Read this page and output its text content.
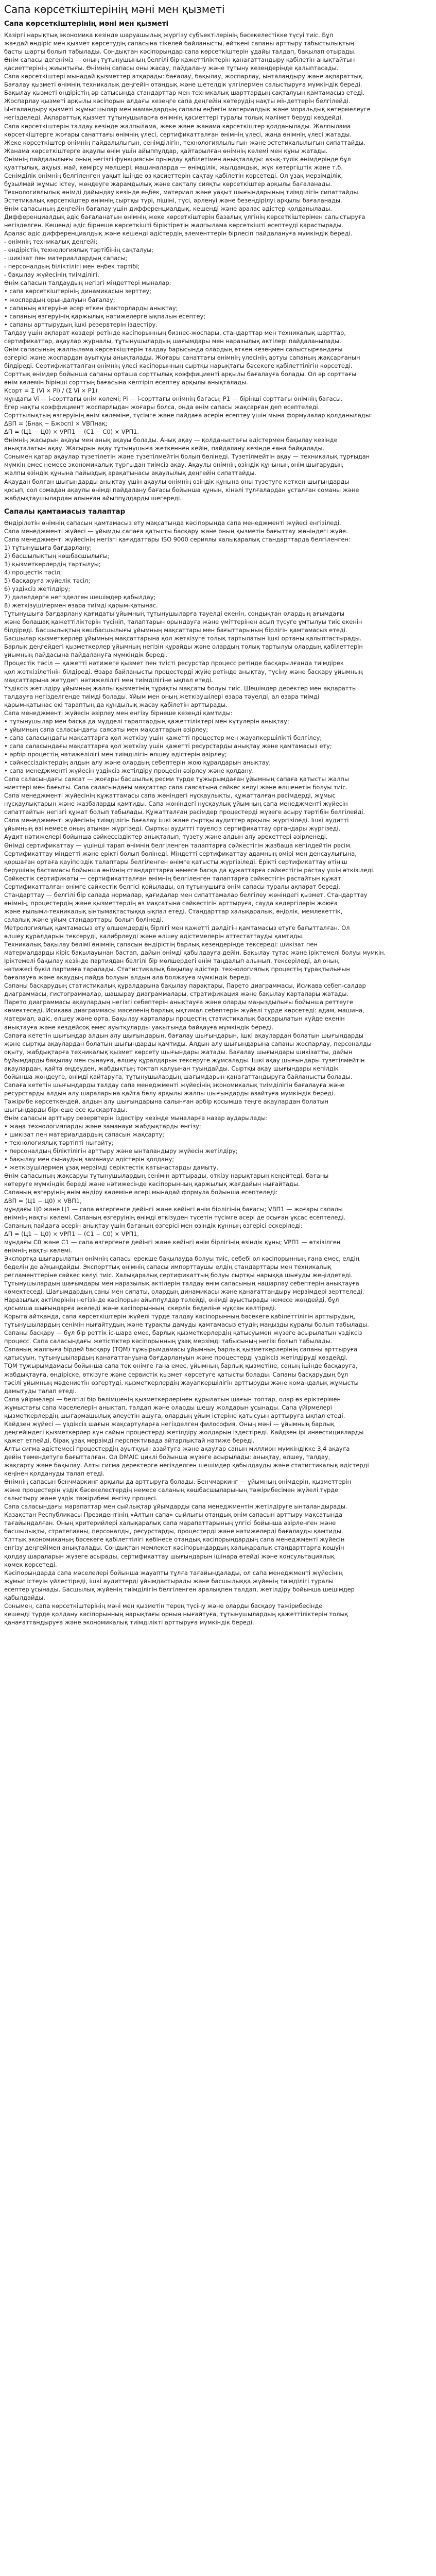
Сапа көрсеткіштерінің мәні мен қызметі
Сапа көрсеткіштерінің мәні мен қызметі

Қазіргі нарықтық экономика кезінде шаруашылық жүргізу субъектілерінің бәсекелестікке түсуі тиіс. Бұл

жағдай өндіріс мен қызмет көрсетудің сапасына тікелей байланысты, өйткені сапаны арттыру табыстылықтың

басты шарты болып табылады. Сондықтан кәсіпорындар сапа көрсеткіштерін ұдайы талдап, бақылап отырады.

Өнім сапасы дегеніміз — оның тұтынушының белгілі бір қажеттіліктерін қанағаттандыру қабілетін анықтайтын

қасиеттерінің жиынтығы. Өнімнің сапасы оны жасау, пайдалану және тұтыну кезеңдерінде қалыптасады.

Сапа көрсеткіштері мынадай қызметтер атқарады: бағалау, бақылау, жоспарлау, ынталандыру және ақпараттық.

Бағалау қызметі өнімнің техникалық деңгейін отандық және шетелдік үлгілермен салыстыруға мүмкіндік береді.

Бақылау қызметі өндірістің әр сатысында стандарттар мен техникалық шарттардың сақталуын қамтамасыз етеді.

Жоспарлау қызметі арқылы кәсіпорын алдағы кезеңге сапа деңгейін көтерудің нақты міндеттерін белгілейді.

Ынталандыру қызметі жұмысшылар мен мамандардың сапалы еңбегін материалдық және моральдық көтермелеуге

негізделеді. Ақпараттық қызмет тұтынушыларға өнімнің қасиеттері туралы толық мәлімет беруді көздейді.

Сапа көрсеткіштерін талдау кезінде жалпылама, жеке және жанама көрсеткіштер қолданылады. Жалпылама

көрсеткіштерге жоғары санаттағы өнімнің үлесі, сертификатталған өнімнің үлесі, жаңа өнімнің үлесі жатады.

Жеке көрсеткіштер өнімнің пайдалылығын, сенімділігін, технологиялылығын және эстетикалылығын сипаттайды.

Жанама көрсеткіштерге ақаулы өнім үшін айыппұлдар, қайтарылған өнімнің көлемі мен құны жатады.

Өнімнің пайдалылығы оның негізгі функциясын орындау қабілетімен анықталады: азық-түлік өнімдерінде бұл

қуаттылық, ақуыз, май, көмірсу мөлшері; машиналарда — өнімділік, жылдамдық, жүк көтергіштік және т.б.

Сенімділік өнімнің белгіленген уақыт ішінде өз қасиеттерін сақтау қабілетін көрсетеді. Ол ұзақ мерзімділік,

бұзылмай жұмыс істеу, жөндеуге жарамдылық және сақталу сияқты көрсеткіштер арқылы бағаланады.

Технологиялылық өнімді дайындау кезінде еңбек, материал және уақыт шығындарының тиімділігін сипаттайды.

Эстетикалық көрсеткіштер өнімнің сыртқы түрі, пішіні, түсі, әрленуі және безендірілуі арқылы бағаланады.

Өнім сапасының деңгейін бағалау үшін дифференциалдық, кешенді және аралас әдістер қолданылады.

Дифференциалдық әдіс бағаланатын өнімнің жеке көрсеткіштерін базалық үлгінің көрсеткіштерімен салыстыруға

негізделген. Кешенді әдіс бірнеше көрсеткішті біріктіретін жалпылама көрсеткішті есептеуді қарастырады.

Аралас әдіс дифференциалдық және кешенді әдістердің элементтерін бірлесіп пайдалануға мүмкіндік береді.

- өнімнің техникалық деңгейі;

- өндірістің технологиялық тәртібінің сақталуы;

- шикізат пен материалдардың сапасы;

- персоналдың біліктілігі мен еңбек тәртібі;

- бақылау жүйесінің тиімділігі.

Өнім сапасын талдаудың негізгі міндеттері мыналар:

• сапа көрсеткіштерінің динамикасын зерттеу;

• жоспардың орындалуын бағалау;

• сапаның өзгеруіне әсер еткен факторларды анықтау;

• сапаның өзгеруінің қаржылық нәтижелерге ықпалын есептеу;

• сапаны арттырудың ішкі резервтерін іздестіру.

Талдау үшін ақпарат көздері ретінде кәсіпорынның бизнес-жоспары, стандарттар мен техникалық шарттар,

сертификаттар, ақаулар журналы, тұтынушылардың шағымдары мен наразылық актілері пайдаланылады.

Өнім сапасының жалпылама көрсеткіштерін талдау барысында олардың өткен кезеңмен салыстырғандағы

өзгерісі және жоспардан ауытқуы анықталады. Жоғары санаттағы өнімнің үлесінің артуы сапаның жақсарғанын

білдіреді. Сертификатталған өнімнің үлесі кәсіпорынның сыртқы нарықтағы бәсекеге қабілеттілігін көрсетеді.

Сорттық өнімдер бойынша сапаны орташа сорттылық коэффициенті арқылы бағалауға болады. Ол әр сорттағы

өнім көлемін бірінші сорттың бағасына келтіріп есептеу арқылы анықталады.

Ксорт = Σ (Vi × Pi) / (Σ Vi × P1)

мұндағы Vi — i-сорттағы өнім көлемі; Pi — i-сорттағы өнімнің бағасы; P1 — бірінші сорттағы өнімнің бағасы.

Егер нақты коэффициент жоспарлыдан жоғары болса, онда өнім сапасы жақсарған деп есептеледі.

Сорттылықтың өзгеруінің өнім көлеміне, түсімге және пайдаға әсерін есептеу үшін мына формулалар қолданылады:

ΔВП = (Бнақ − Бжосп) × VBПнақ;

ΔП = (Ц1 − Ц0) × VРП1 − (С1 − С0) × VРП1.

Өнімнің жасырын ақауы мен анық ақауы болады. Анық ақау — қолданыстағы әдістермен бақылау кезінде

анықталатын ақау. Жасырын ақау тұтынушыға жеткеннен кейін, пайдалану кезінде ғана байқалады.

Сонымен қатар ақаулар түзетілетін және түзетілмейтін болып бөлінеді. Түзетілмейтін ақау — техникалық тұрғыдан

мүмкін емес немесе экономикалық тұрғыдан тиімсіз ақау. Ақаулы өнімнің өзіндік құнының өнім шығарудың

жалпы өзіндік құнына пайыздық арақатынасы ақаулылық деңгейін сипаттайды.

Ақаудан болған шығындарды анықтау үшін ақаулы өнімнің өзіндік құнына оны түзетуге кеткен шығындарды

қосып, сол сомадан ақаулы өнімді пайдалану бағасы бойынша құнын, кінәлі тұлғалардан ұсталған соманы және

жабдықтаушылардан алынған айыппұлдарды шегереді.

Сапалы қамтамасыз талаптар

Өндірілетін өнімнің сапасын қамтамасыз ету мақсатында кәсіпорында сапа менеджменті жүйесі енгізіледі.

Сапа менеджменті жүйесі — ұйымды сапаға қатысты басқару және оның қызметін бағыттау жөніндегі жүйе.

Сапа менеджменті жүйесінің негізгі қағидаттары ISO 9000 сериялы халықаралық стандарттарда белгіленген:

1) тұтынушыға бағдарлану;

2) басшылықтың көшбасшылығы;

3) қызметкерлердің тартылуы;

4) процестік тәсіл;

5) басқаруға жүйелік тәсіл;

6) үздіксіз жетілдіру;

7) дәлелдерге негізделген шешімдер қабылдау;

8) жеткізушілермен өзара тиімді қарым-қатынас.

Тұтынушыға бағдарлану қағидаты ұйымның тұтынушыларға тәуелді екенін, сондықтан олардың ағымдағы

және болашақ қажеттіліктерін түсініп, талаптарын орындауға және үміттерінен асып түсуге ұмтылуы тиіс екенін

білдіреді. Басшылықтың көшбасшылығы ұйымның мақсаттары мен бағыттарының бірлігін қамтамасыз етеді.

Басшылар қызметкерлер ұйымның мақсаттарына қол жеткізуге толық тартылатын ішкі ортаны қалыптастырады.

Барлық деңгейдегі қызметкерлер ұйымның негізін құрайды және олардың толық тартылуы олардың қабілеттерін

ұйымның пайдасына пайдалануға мүмкіндік береді.

Процестік тәсіл — қажетті нәтижеге қызмет пен тиісті ресурстар процесс ретінде басқарылғанда тиімдірек

қол жеткізілетінін білдіреді. Өзара байланысты процестерді жүйе ретінде анықтау, түсіну және басқару ұйымның

мақсаттарына жетудегі нәтижелілігі мен тиімділігіне ықпал етеді.

Үздіксіз жетілдіру ұйымның жалпы қызметінің тұрақты мақсаты болуы тиіс. Шешімдер деректер мен ақпаратты

талдауға негізделгенде тиімді болады. Ұйым мен оның жеткізушілері өзара тәуелді, ал өзара тиімді

қарым-қатынас екі тараптың да құндылық жасау қабілетін арттырады.

Сапа менеджменті жүйесін әзірлеу мен енгізу бірнеше кезеңді қамтиды:

• тұтынушылар мен басқа да мүдделі тараптардың қажеттіліктері мен күтулерін анықтау;

• ұйымның сапа саласындағы саясаты мен мақсаттарын әзірлеу;

• сапа саласындағы мақсаттарға қол жеткізу үшін қажетті процестер мен жауапкершілікті белгілеу;

• сапа саласындағы мақсаттарға қол жеткізу үшін қажетті ресурстарды анықтау және қамтамасыз ету;

• әрбір процестің нәтижелілігі мен тиімділігін өлшеу әдістерін әзірлеу;

• сәйкессіздіктердің алдын алу және олардың себептерін жою құралдарын анықтау;

• сапа менеджменті жүйесін үздіксіз жетілдіру процесін әзірлеу және қолдану.

Сапа саласындағы саясат — жоғары басшылық ресми түрде тұжырымдаған ұйымның сапаға қатысты жалпы

ниеттері мен бағыты. Сапа саласындағы мақсаттар сапа саясатына сәйкес келуі және өлшенетін болуы тиіс.

Сапа менеджменті жүйесінің құжаттамасы сапа жөніндегі нұсқаулықты, құжатталған рәсімдерді, жұмыс

нұсқаулықтарын және жазбаларды қамтиды. Сапа жөніндегі нұсқаулық ұйымның сапа менеджменті жүйесін

сипаттайтын негізгі құжат болып табылады. Құжатталған рәсімдер процестерді жүзеге асыру тәртібін белгілейді.

Сапа менеджменті жүйесінің тиімділігін бағалау ішкі және сыртқы аудиттер арқылы жүргізіледі. Ішкі аудитті

ұйымның өзі немесе оның атынан жүргізеді. Сыртқы аудитті тәуелсіз сертификаттау органдары жүргізеді.

Аудит нәтижелері бойынша сәйкессіздіктер анықталып, түзету және алдын алу әрекеттері әзірленеді.

Өнімді сертификаттау — үшінші тарап өнімнің белгіленген талаптарға сәйкестігін жазбаша кепілдейтін рәсім.

Сертификаттау міндетті және ерікті болып бөлінеді. Міндетті сертификаттау адамның өмірі мен денсаулығына,

қоршаған ортаға қауіпсіздік талаптары белгіленген өнімге қатысты жүргізіледі. Ерікті сертификаттау өтініш

берушінің бастамасы бойынша өнімнің стандарттарға немесе басқа да құжаттарға сәйкестігін растау үшін өткізіледі.

Сәйкестік сертификаты — сертификатталған өнімнің белгіленген талаптарға сәйкестігін растайтын құжат.

Сертификатталған өнімге сәйкестік белгісі қойылады, ол тұтынушыға өнім сапасы туралы ақпарат береді.

Стандарттау — белгілі бір салада нормалар, қағидалар мен сипаттамалар белгілеу жөніндегі қызмет. Стандарттау

өнімнің, процестердің және қызметтердің өз мақсатына сәйкестігін арттыруға, сауда кедергілерін жоюға

және ғылыми-техникалық ынтымақтастыққа ықпал етеді. Стандарттар халықаралық, өңірлік, мемлекеттік,

салалық және ұйым стандарттары болып бөлінеді.

Метрологиялық қамтамасыз ету өлшемдердің бірлігі мен қажетті дәлдігін қамтамасыз етуге бағытталған. Ол

өлшеу құралдарын тексеруді, калибрлеуді және өлшеу әдістемелерін аттестаттауды қамтиды.

Техникалық бақылау бөлімі өнімнің сапасын өндірістің барлық кезеңдерінде тексереді: шикізат пен

материалдарды кіріс бақылауынан бастап, дайын өнімді қабылдауға дейін. Бақылау тұтас және іріктемелі болуы мүмкін.

Іріктемелі бақылау кезінде партиядан белгілі бір мөлшердегі өнім таңдалып алынып, тексеріледі, ал оның

нәтижесі бүкіл партияға таралады. Статистикалық бақылау әдістері технологиялық процестің тұрақтылығын

бағалауға және ақаудың пайда болуын алдын ала болжауға мүмкіндік береді.

Сапаны басқарудың статистикалық құралдарына бақылау парақтары, Парето диаграммасы, Исикава себеп-салдар

диаграммасы, гистограммалар, шашырау диаграммалары, стратификация және бақылау карталары жатады.

Парето диаграммасы ақаулардың негізгі себептерін анықтауға және оларды маңыздылығы бойынша реттеуге

көмектеседі. Исикава диаграммасы мәселенің барлық ықтимал себептерін жүйелі түрде көрсетеді: адам, машина,

материал, әдіс, өлшеу және орта. Бақылау карталары процестің статистикалық басқарылатын күйде екенін

анықтауға және кездейсоқ емес ауытқуларды уақытында байқауға мүмкіндік береді.

Сапаға кететін шығындар алдын алу шығындарын, бағалау шығындарын, ішкі ақаулардан болатын шығындарды

және сыртқы ақаулардан болатын шығындарды қамтиды. Алдын алу шығындарына сапаны жоспарлау, персоналды

оқыту, жабдықтарға техникалық қызмет көрсету шығындары жатады. Бағалау шығындары шикізатты, дайын

бұйымдарды бақылау мен сынауға, өлшеу құралдарын тексеруге жұмсалады. Ішкі ақау шығындары түзетілмейтін

ақаулардан, қайта өңдеуден, жабдықтың тоқтап қалуынан туындайды. Сыртқы ақау шығындары кепілдік

бойынша жөндеуге, өнімді қайтаруға, тұтынушылардың шағымдарын қанағаттандыруға байланысты болады.

Сапаға кететін шығындарды талдау сапа менеджменті жүйесінің экономикалық тиімділігін бағалауға және

ресурстарды алдын алу шараларына қайта бөлу арқылы жалпы шығындарды азайтуға мүмкіндік береді.

Тәжірибе көрсеткендей, алдын алу шығындарына салынған әрбір қосымша теңге ақаулардан болатын

шығындарды бірнеше есе қысқартады.

Өнім сапасын арттыру резервтерін іздестіру кезінде мыналарға назар аударылады:

• жаңа технологияларды және заманауи жабдықтарды енгізу;

• шикізат пен материалдардың сапасын жақсарту;

• технологиялық тәртіпті нығайту;

• персоналдың біліктілігін арттыру және ынталандыру жүйесін жетілдіру;

• бақылау мен сынаудың заманауи әдістерін қолдану;

• жеткізушілермен ұзақ мерзімді серіктестік қатынастарды дамыту.

Өнім сапасының жақсаруы тұтынушылардың сенімін арттырады, өткізу нарықтарын кеңейтеді, бағаны

көтеруге мүмкіндік береді және нәтижесінде кәсіпорынның қаржылық жағдайын нығайтады.

Сапаның өзгеруінің өнім өндіру көлеміне әсері мынадай формула бойынша есептеледі:

ΔВП = (Ц1 − Ц0) × VBП1,

мұндағы Ц0 және Ц1 — сапа өзгергенге дейінгі және кейінгі өнім бірлігінің бағасы; VBП1 — жоғары сапалы

өнімнің нақты көлемі. Сапаның өзгеруінің өнімді өткізуден түсетін түсімге әсері де осыған ұқсас есептеледі.

Сапаның пайдаға әсерін анықтау үшін бағаның өзгерісі мен өзіндік құнның өзгерісі ескеріледі:

ΔП = (Ц1 − Ц0) × VРП1 − (С1 − С0) × VРП1,

мұндағы С0 және С1 — сапа өзгергенге дейінгі және кейінгі өнім бірлігінің өзіндік құны; VРП1 — өткізілген

өнімнің нақты көлемі.

Экспортқа шығарылатын өнімнің сапасы ерекше бақылауда болуы тиіс, себебі ол кәсіпорынның ғана емес, елдің

беделін де айқындайды. Экспорттық өнімнің сапасы импорттаушы елдің стандарттары мен техникалық

регламенттеріне сәйкес келуі тиіс. Халықаралық сертификаттың болуы сыртқы нарыққа шығуды жеңілдетеді.

Тұтынушылардың шағымдары мен наразылық актілерін талдау өнім сапасының нашарлау себептерін анықтауға

көмектеседі. Шағымдардың саны мен сипаты, олардың динамикасы және қанағаттандыру мерзімдері зерттеледі.

Наразылық актілерінің негізінде кәсіпорын айыппұлдар төлейді, өнімді ауыстырады немесе жөндейді, бұл

қосымша шығындарға әкеледі және кәсіпорынның іскерлік беделіне нұқсан келтіреді.

Қорыта айтқанда, сапа көрсеткіштерін жүйелі түрде талдау кәсіпорынның бәсекеге қабілеттілігін арттырудың,

тұтынушылардың сенімін нығайтудың және тұрақты дамуды қамтамасыз етудің маңызды құралы болып табылады.

Сапаны басқару — бұл бір реттік іс-шара емес, барлық қызметкерлердің қатысуымен жүзеге асырылатын үздіксіз

процесс. Сапа саласындағы жетістіктер кәсіпорынның ұзақ мерзімді табысының негізі болып табылады.

Сапаның жалпыға бірдей басқару (TQM) тұжырымдамасы ұйымның барлық қызметкерлерінің сапаны арттыруға

қатысуын, тұтынушылардың қанағаттануына бағдарлануын және процестерді үздіксіз жетілдіруді көздейді.

TQM тұжырымдамасы бойынша сапа тек өнімге ғана емес, ұйымның барлық қызметіне, соның ішінде басқаруға,

жабдықтауға, өндіріске, өткізуге және сервистік қызмет көрсетуге қатысты болады. Сапаны басқарудың бұл

тәсілі ұйымның мәдениетін өзгертуді, қызметкерлердің жауапкершілігін арттыруды және командалық жұмысты

дамытуды талап етеді.

Сапа үйірмелері — белгілі бір бөлімшенің қызметкерлерінен құрылатын шағын топтар, олар өз еріктерімен

жұмыстағы сапа мәселелерін анықтап, талдап және оларды шешу жолдарын ұсынады. Сапа үйірмелері

қызметкерлердің шығармашылық әлеуетін ашуға, олардың ұйым істеріне қатысуын арттыруға ықпал етеді.

Кайдзен жүйесі — үздіксіз шағын жақсартуларға негізделген философия. Оның мәні — ұйымның барлық

деңгейіндегі қызметкерлер күн сайын процестерді жетілдіру жолдарын іздестіреді. Кайдзен ірі инвестицияларды

қажет етпейді, бірақ ұзақ мерзімді перспективада айтарлықтай нәтиже береді.

Алты сигма әдістемесі процестердің ауытқуын азайтуға және ақаулар санын миллион мүмкіндікке 3,4 ақауға

дейін төмендетуге бағытталған. Ол DMAIC циклі бойынша жүзеге асырылады: анықтау, өлшеу, талдау,

жақсарту және бақылау. Алты сигма деректерге негізделген шешімдер қабылдауды және статистикалық әдістерді

кеңінен қолдануды талап етеді.

Өнімнің сапасын бенчмаркинг арқылы да арттыруға болады. Бенчмаркинг — ұйымның өнімдерін, қызметтерін

және процестерін үздік бәсекелестердің немесе саланың көшбасшыларының тәжірибесімен жүйелі түрде

салыстыру және үздік тәжірибені енгізу процесі.

Сапа саласындағы марапаттар мен сыйлықтар ұйымдарды сапа менеджментін жетілдіруге ынталандырады.

Қазақстан Республикасы Президентінің «Алтын сапа» сыйлығы отандық өнім сапасын арттыру мақсатында

тағайындалған. Оның критерийлері халықаралық сапа марапаттарының үлгісі бойынша әзірленген және

басшылықты, стратегияны, персоналды, ресурстарды, процестерді және нәтижелерді бағалауды қамтиды.

Ұлттық экономиканың бәсекеге қабілеттілігі көбінесе отандық кәсіпорындардың сапа менеджменті жүйесін

енгізу деңгейімен анықталады. Сондықтан мемлекет кәсіпорындардың халықаралық стандарттарға көшуін

қолдау шараларын жүзеге асырады, сертификаттау шығындарын ішінара өтейді және консультациялық

көмек көрсетеді.

Кәсіпорындарда сапа мәселелері бойынша жауапты тұлға тағайындалады, ол сапа менеджменті жүйесінің

жұмыс істеуін үйлестіреді, ішкі аудиттерді ұйымдастырады және басшылыққа жүйенің тиімділігі туралы

есептер ұсынады. Басшылық жүйенің тиімділігін белгіленген аралықпен талдап, жетілдіру бойынша шешімдер

қабылдайды.

Сонымен, сапа көрсеткіштерінің мәні мен қызметін терең түсіну және оларды басқару тәжірибесінде

кешенді түрде қолдану кәсіпорынның нарықтағы орнын нығайтуға, тұтынушылардың қажеттіліктерін толық

қанағаттандыруға және экономикалық тиімділікті арттыруға мүмкіндік береді.
